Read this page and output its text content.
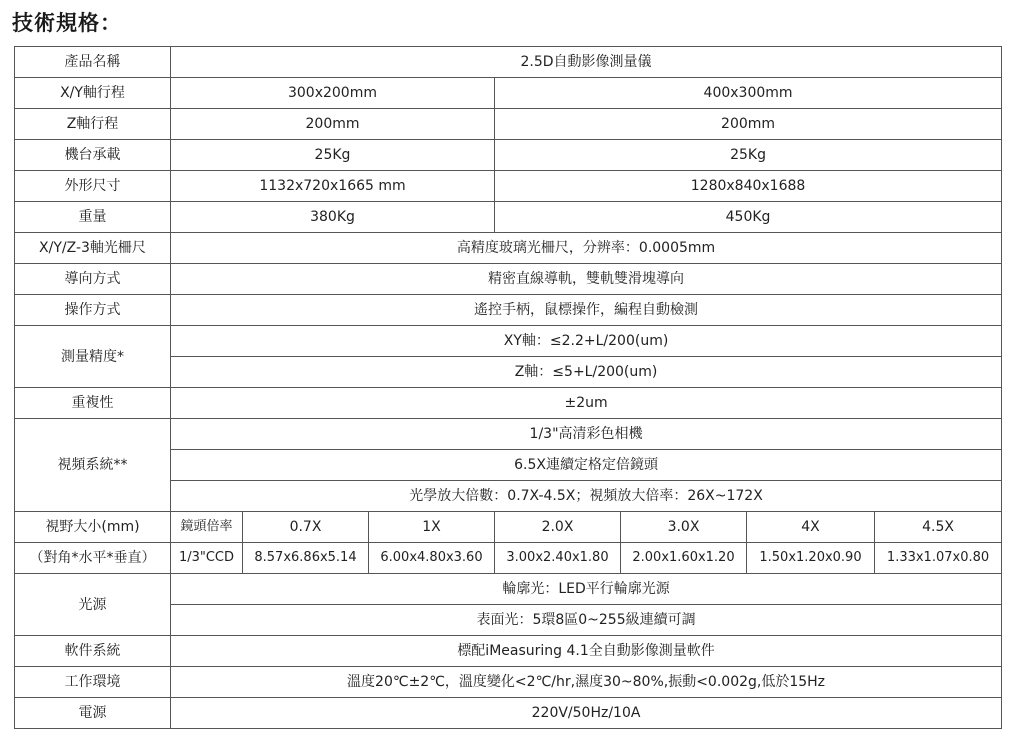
技術規格：
產品名稱	2.5D自動影像測量儀						
X/Y軸行程	300x200mm			400x300mm			
Z軸行程	200mm			200mm			
機台承載	25Kg			25Kg			
外形尺寸	1132x720x1665 mm			1280x840x1688			
重量	380Kg			450Kg			
X/Y/Z-3軸光柵尺	高精度玻璃光柵尺，分辨率：0.0005mm						
導向方式	精密直線導軌，雙軌雙滑塊導向						
操作方式	遙控手柄，鼠標操作，編程自動檢測						
測量精度*	XY軸：≤2.2+L/200(um)						
	Z軸：≤5+L/200(um)						
重複性	±2um						
視頻系統**	1/3"高清彩色相機						
	6.5X連續定格定倍鏡頭						
	光學放大倍數：0.7X-4.5X；視頻放大倍率：26X~172X						
視野大小(mm)	鏡頭倍率	0.7X	1X	2.0X	3.0X	4X	4.5X
（對角*水平*垂直）	1/3"CCD	8.57x6.86x5.14	6.00x4.80x3.60	3.00x2.40x1.80	2.00x1.60x1.20	1.50x1.20x0.90	1.33x1.07x0.80
光源	輪廓光：LED平行輪廓光源						
	表面光：5環8區0~255級連續可調						
軟件系統	標配iMeasuring 4.1全自動影像測量軟件						
工作環境	溫度20℃±2℃，溫度變化<2℃/hr,濕度30~80%,振動<0.002g,低於15Hz						
電源	220V/50Hz/10A						
